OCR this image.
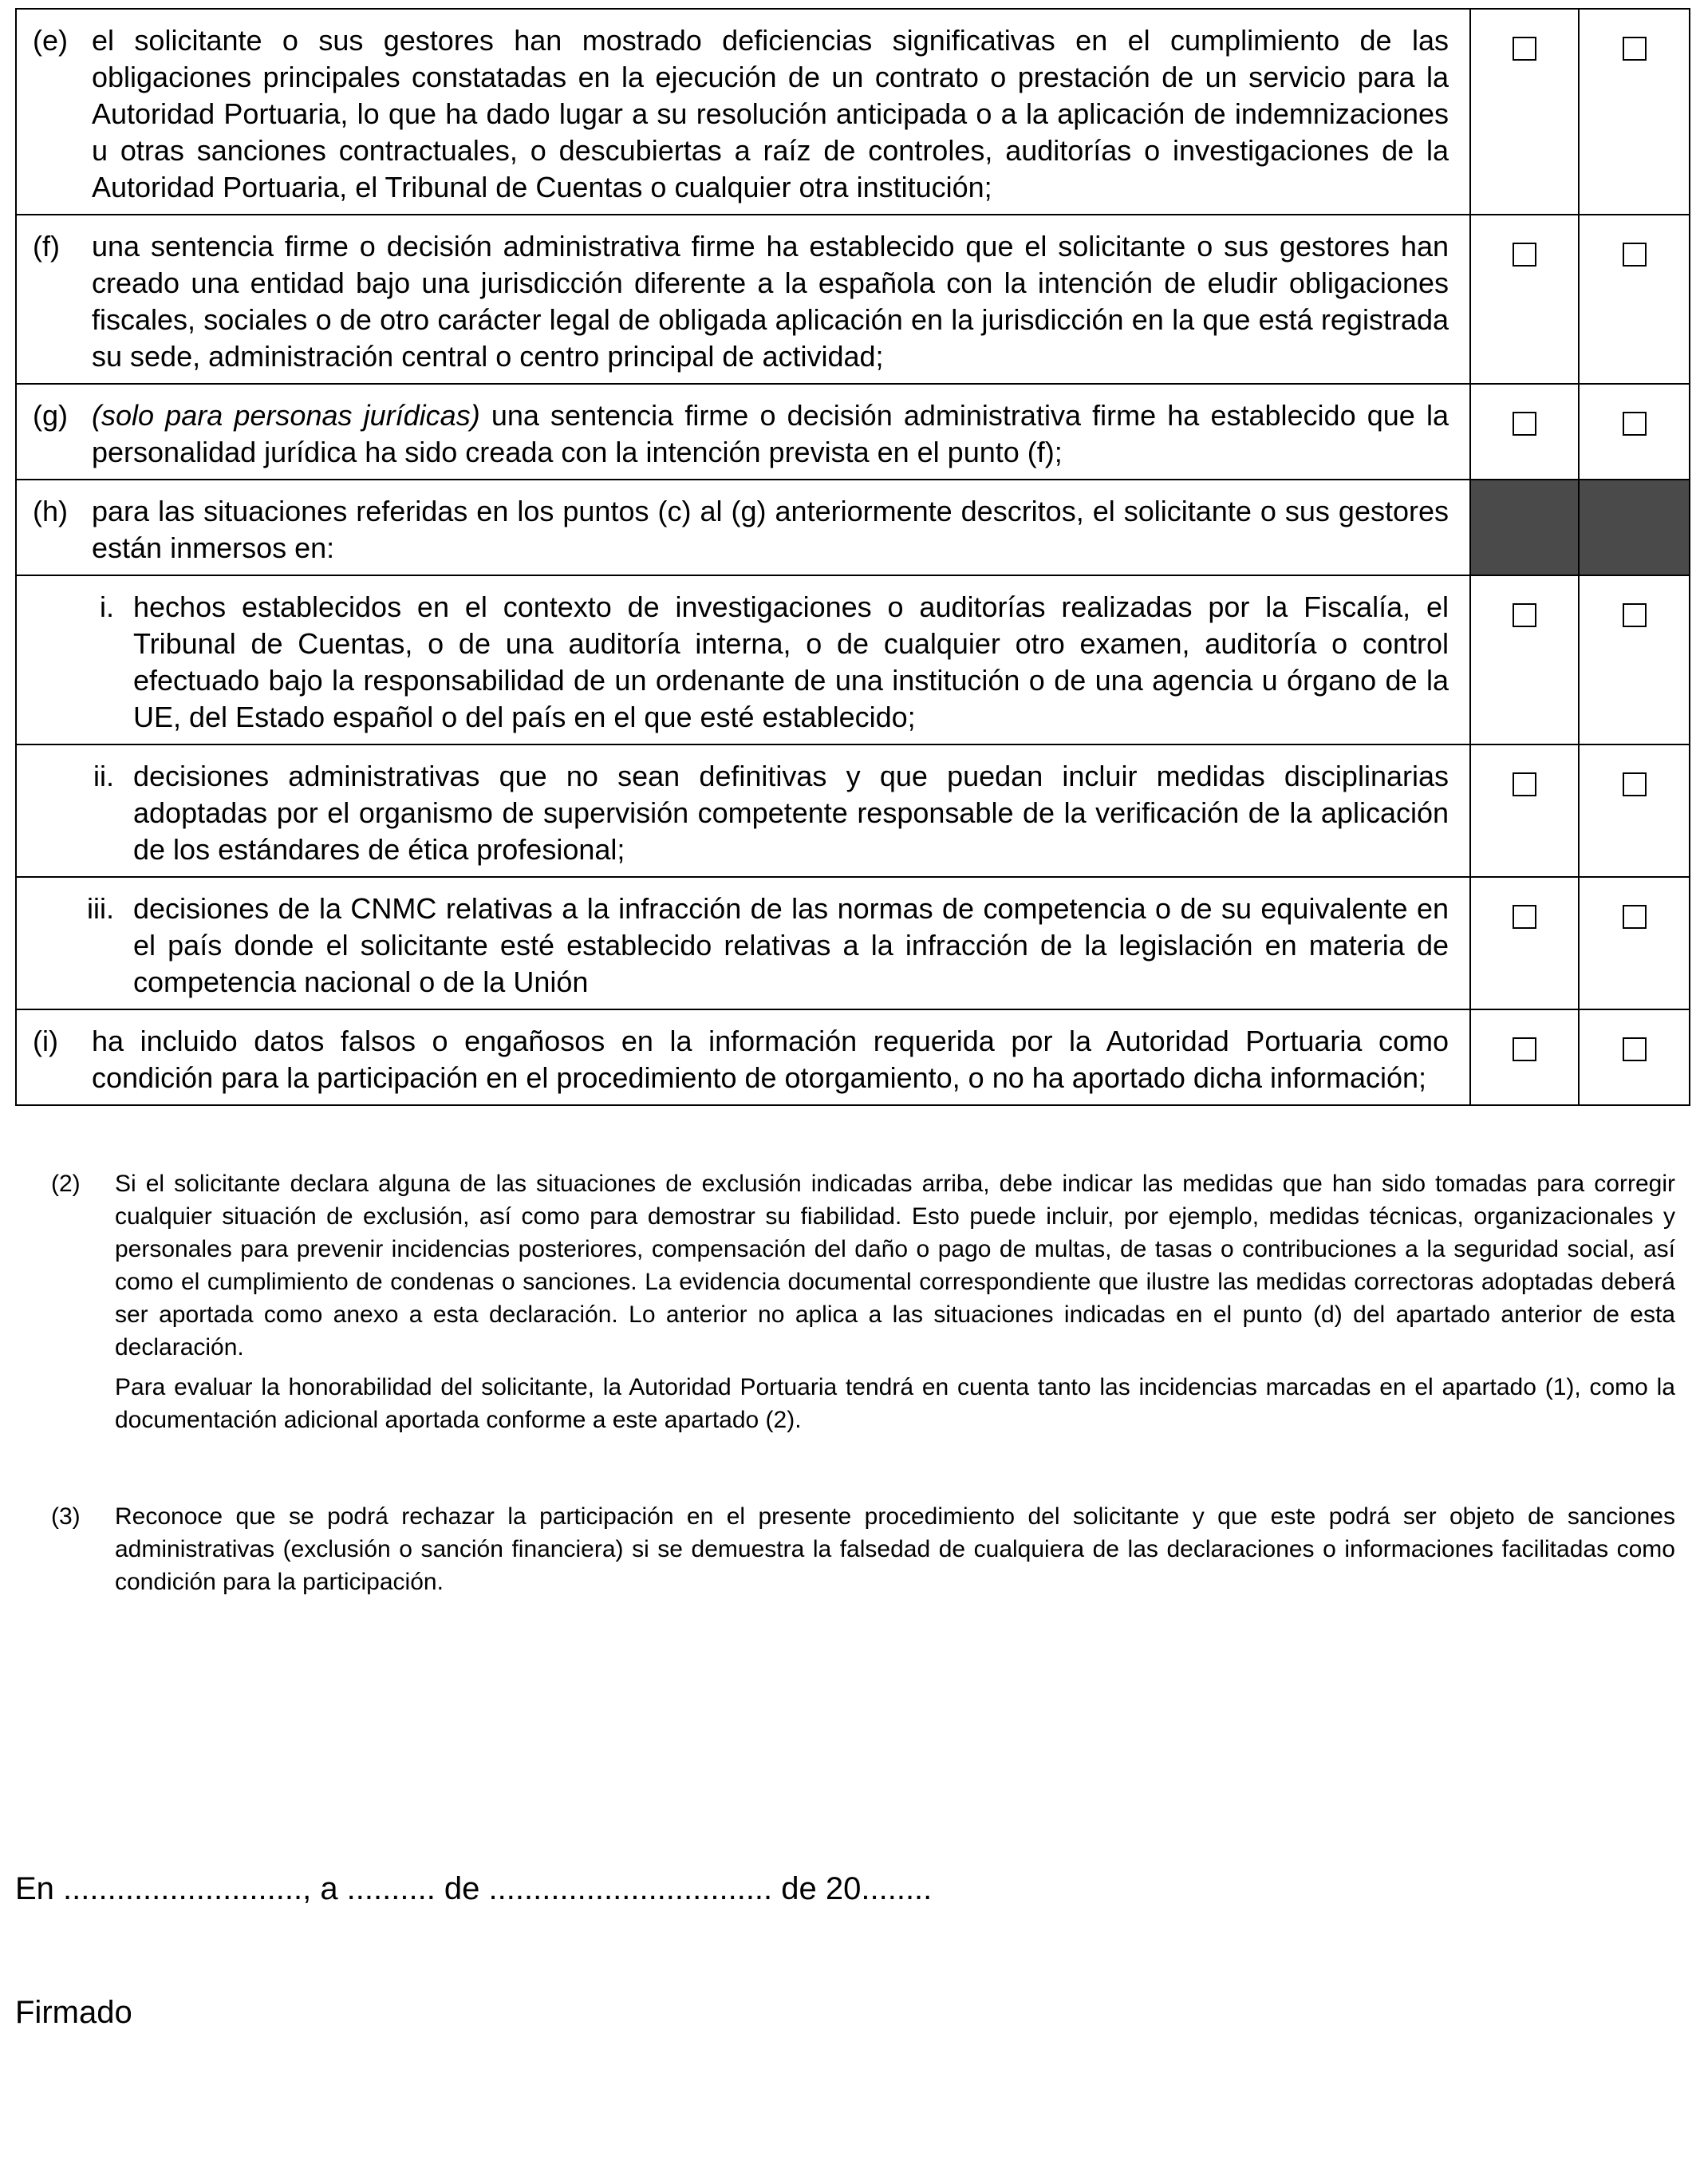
(e) el solicitante o sus gestores han mostrado deficiencias significativas en el cumplimiento de las obligaciones principales constatadas en la ejecución de un contrato o prestación de un servicio para la Autoridad Portuaria, lo que ha dado lugar a su resolución anticipada o a la aplicación de indemnizaciones u otras sanciones contractuales, o descubiertas a raíz de controles, auditorías o investigaciones de la Autoridad Portuaria, el Tribunal de Cuentas o cualquier otra institución;		

(f) una sentencia firme o decisión administrativa firme ha establecido que el solicitante o sus gestores han creado una entidad bajo una jurisdicción diferente a la española con la intención de eludir obligaciones fiscales, sociales o de otro carácter legal de obligada aplicación en la jurisdicción en la que está registrada su sede, administración central o centro principal de actividad;		

(g) (solo para personas jurídicas) una sentencia firme o decisión administrativa firme ha establecido que la personalidad jurídica ha sido creada con la intención prevista en el punto (f);		

(h) para las situaciones referidas en los puntos (c) al (g) anteriormente descritos, el solicitante o sus gestores están inmersos en:		

i. hechos establecidos en el contexto de investigaciones o auditorías realizadas por la Fiscalía, el Tribunal de Cuentas, o de una auditoría interna, o de cualquier otro examen, auditoría o control efectuado bajo la responsabilidad de un ordenante de una institución o de una agencia u órgano de la UE, del Estado español o del país en el que esté establecido;		

ii. decisiones administrativas que no sean definitivas y que puedan incluir medidas disciplinarias adoptadas por el organismo de supervisión competente responsable de la verificación de la aplicación de los estándares de ética profesional;		

iii. decisiones de la CNMC relativas a la infracción de las normas de competencia o de su equivalente en el país donde el solicitante esté establecido relativas a la infracción de la legislación en materia de competencia nacional o de la Unión		

(i) ha incluido datos falsos o engañosos en la información requerida por la Autoridad Portuaria como condición para la participación en el procedimiento de otorgamiento, o no ha aportado dicha información;		

(2)	Si el solicitante declara alguna de las situaciones de exclusión indicadas arriba, debe indicar las medidas que han sido tomadas para corregir cualquier situación de exclusión, así como para demostrar su fiabilidad. Esto puede incluir, por ejemplo, medidas técnicas, organizacionales y personales para prevenir incidencias posteriores, compensación del daño o pago de multas, de tasas o contribuciones a la seguridad social, así como el cumplimiento de condenas o sanciones. La evidencia documental correspondiente que ilustre las medidas correctoras adoptadas deberá ser aportada como anexo a esta declaración. Lo anterior no aplica a las situaciones indicadas en el punto (d) del apartado anterior de esta declaración.

Para evaluar la honorabilidad del solicitante, la Autoridad Portuaria tendrá en cuenta tanto las incidencias marcadas en el apartado (1), como la documentación adicional aportada conforme a este apartado (2).

(3)	Reconoce que se podrá rechazar la participación en el presente procedimiento del solicitante y que este podrá ser objeto de sanciones administrativas (exclusión o sanción financiera) si se demuestra la falsedad de cualquiera de las declaraciones o informaciones facilitadas como condición para la participación.

En ..........................., a .......... de ................................ de 20........
Firmado
